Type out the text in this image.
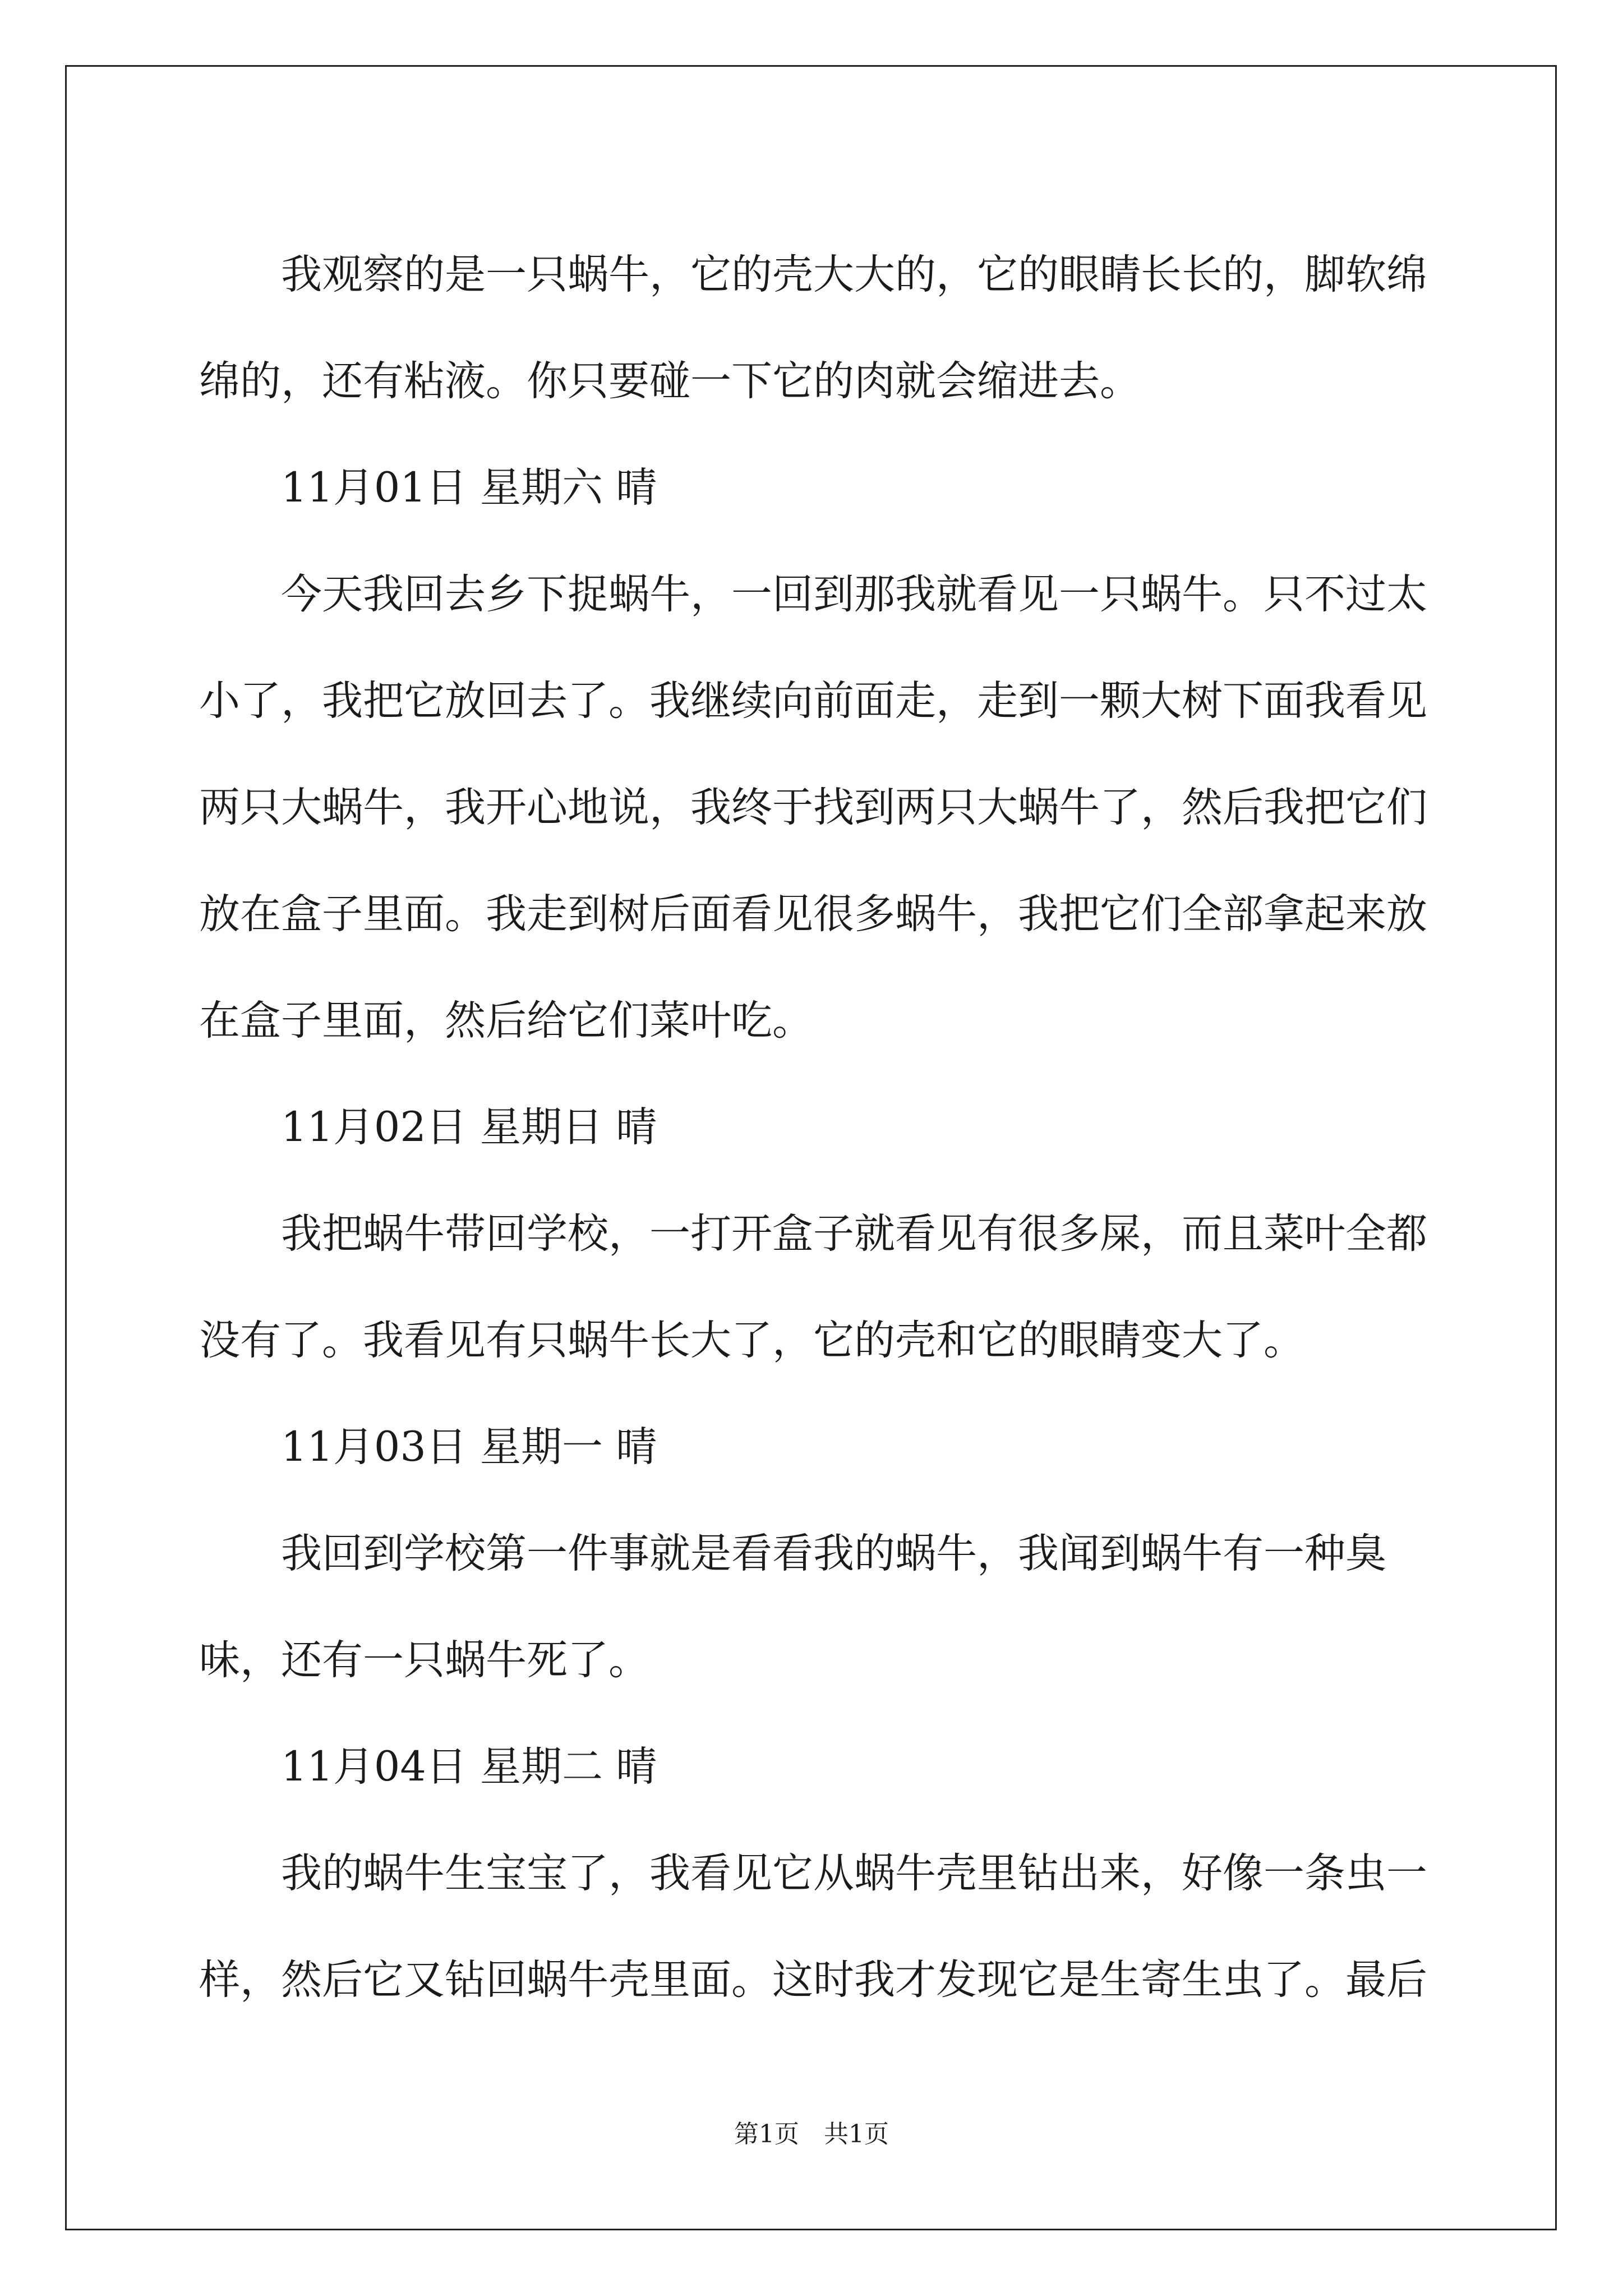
我观察的是一只蜗牛，它的壳大大的，它的眼睛长长的，脚软绵绵的，还有粘液。你只要碰一下它的肉就会缩进去。

11月01日 星期六 晴

今天我回去乡下捉蜗牛，一回到那我就看见一只蜗牛。只不过太小了，我把它放回去了。我继续向前面走，走到一颗大树下面我看见两只大蜗牛，我开心地说，我终于找到两只大蜗牛了，然后我把它们放在盒子里面。我走到树后面看见很多蜗牛，我把它们全部拿起来放在盒子里面，然后给它们菜叶吃。

11月02日 星期日 晴

我把蜗牛带回学校，一打开盒子就看见有很多屎，而且菜叶全都没有了。我看见有只蜗牛长大了，它的壳和它的眼睛变大了。

11月03日 星期一 晴

我回到学校第一件事就是看看我的蜗牛，我闻到蜗牛有一种臭味，还有一只蜗牛死了。

11月04日 星期二 晴

我的蜗牛生宝宝了，我看见它从蜗牛壳里钻出来，好像一条虫一样，然后它又钻回蜗牛壳里面。这时我才发现它是生寄生虫了。最后

第1页　共1页
